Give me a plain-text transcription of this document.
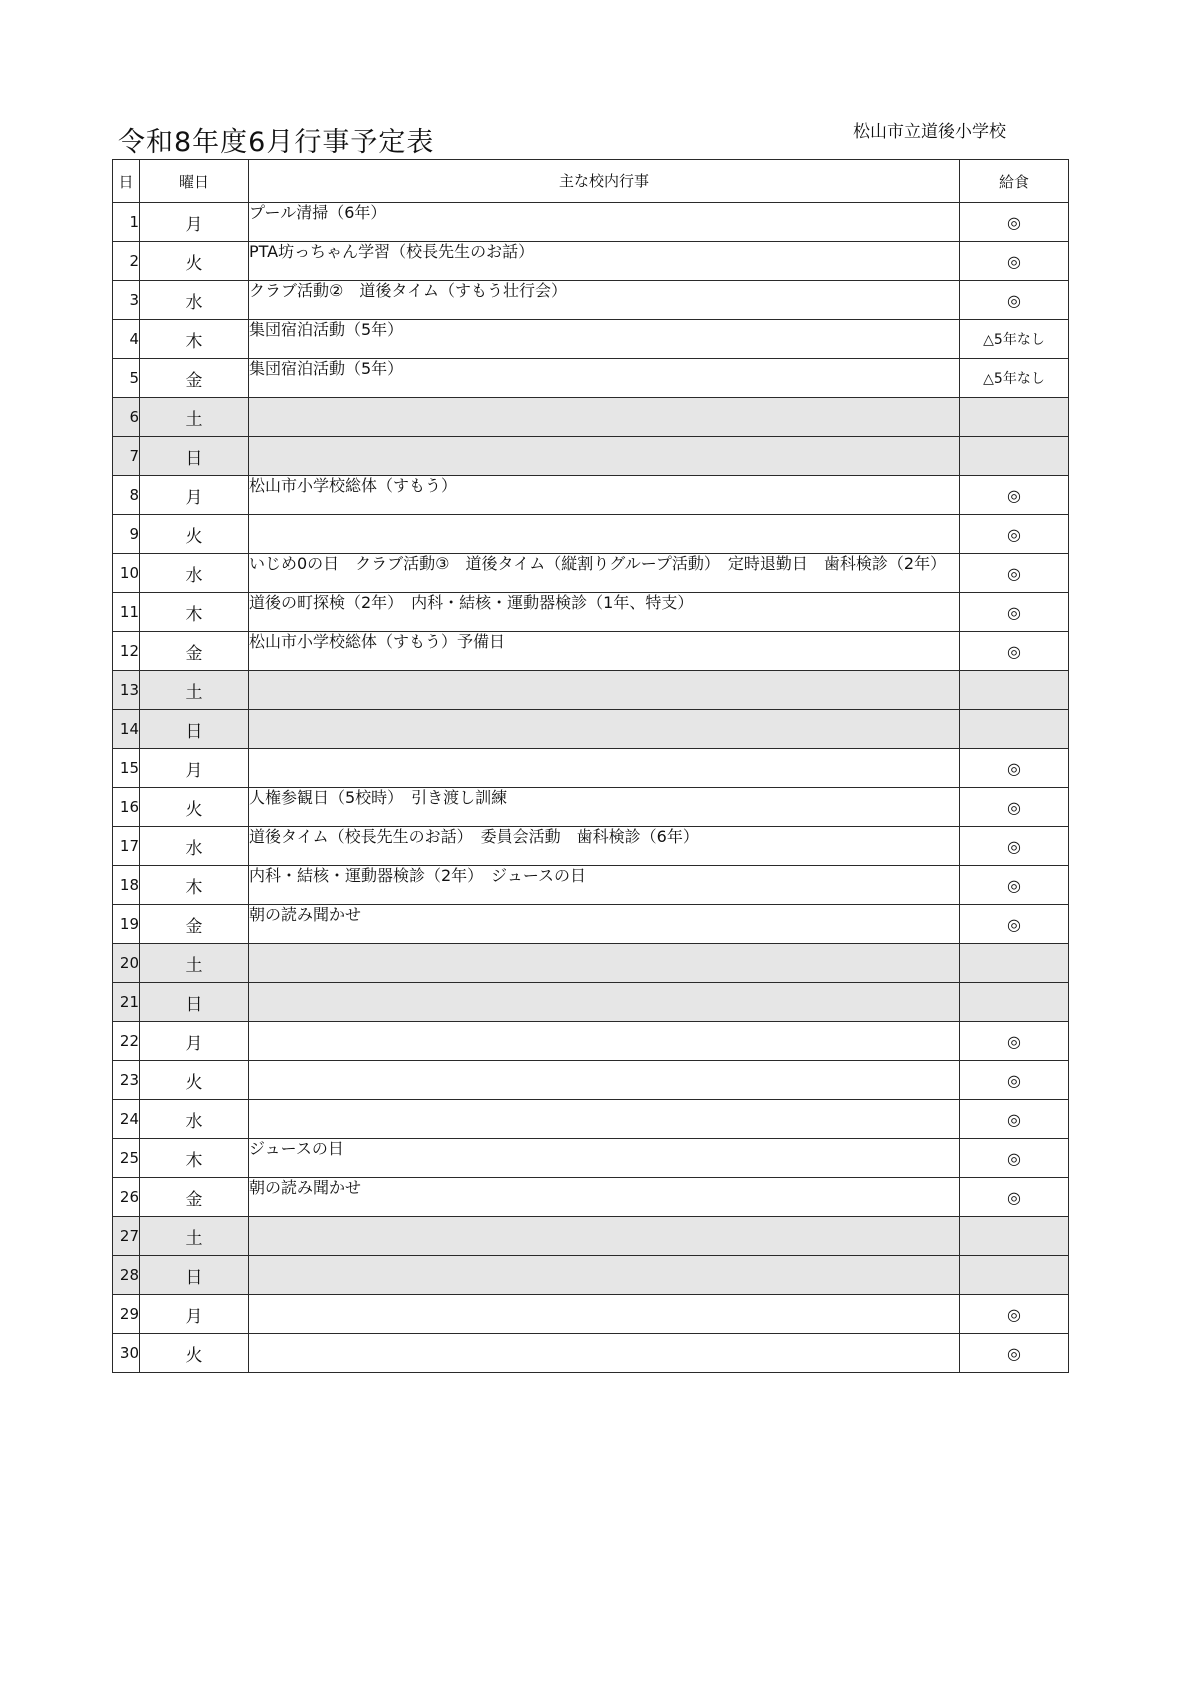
令和8年度6月行事予定表	松山市立道後小学校
日	曜日	主な校内行事	給食
1	月	プール清掃（6年）	◎
2	火	PTA坊っちゃん学習（校長先生のお話）	◎
3	水	クラブ活動②　道後タイム（すもう壮行会）	◎
4	木	集団宿泊活動（5年）	△5年なし
5	金	集団宿泊活動（5年）	△5年なし
6	土	

7	日	

8	月	松山市小学校総体（すもう）	◎
9	火		◎
10	水	いじめ0の日　クラブ活動③　道後タイム（縦割りグループ活動）　定時退勤日　歯科検診（2年）	◎
11	木	道後の町探検（2年）　内科・結核・運動器検診（1年、特支）	◎
12	金	松山市小学校総体（すもう）予備日	◎
13	土	

14	日	

15	月		◎
16	火	人権参観日（5校時）　引き渡し訓練	◎
17	水	道後タイム（校長先生のお話）　委員会活動　歯科検診（6年）	◎
18	木	内科・結核・運動器検診（2年）　ジュースの日	◎
19	金	朝の読み聞かせ	◎
20	土	

21	日	

22	月		◎
23	火		◎
24	水		◎
25	木	ジュースの日	◎
26	金	朝の読み聞かせ	◎
27	土	

28	日	

29	月		◎
30	火		◎
